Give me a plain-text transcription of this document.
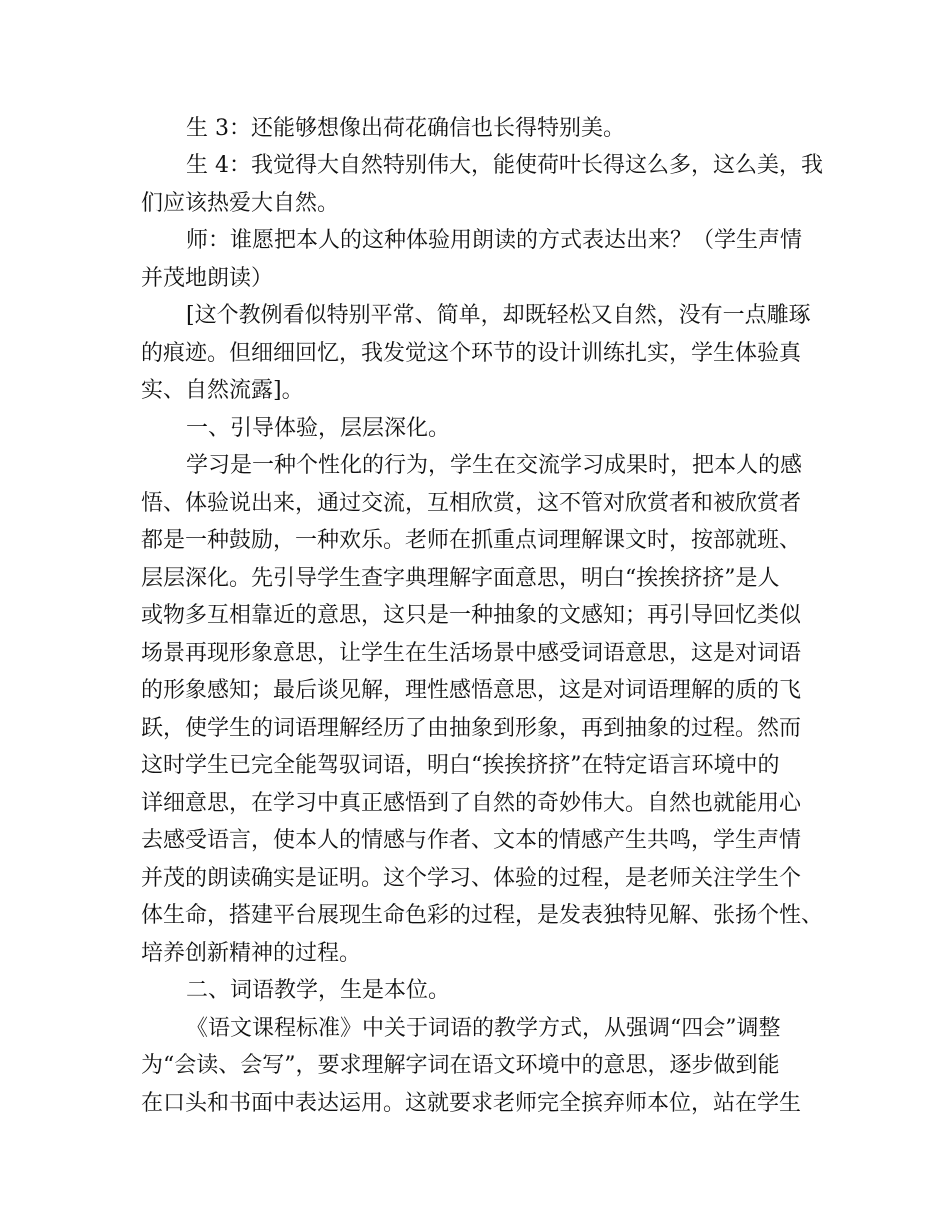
生 3：还能够想像出荷花确信也长得特别美。

生 4：我觉得大自然特别伟大，能使荷叶长得这么多，这么美，我

们应该热爱大自然。

师：谁愿把本人的这种体验用朗读的方式表达出来？（学生声情

并茂地朗读）

[这个教例看似特别平常、简单，却既轻松又自然，没有一点雕琢

的痕迹。但细细回忆，我发觉这个环节的设计训练扎实，学生体验真

实、自然流露]。

一、引导体验，层层深化。

学习是一种个性化的行为，学生在交流学习成果时，把本人的感

悟、体验说出来，通过交流，互相欣赏，这不管对欣赏者和被欣赏者

都是一种鼓励，一种欢乐。老师在抓重点词理解课文时，按部就班、

层层深化。先引导学生查字典理解字面意思，明白“挨挨挤挤”是人

或物多互相靠近的意思，这只是一种抽象的文感知；再引导回忆类似

场景再现形象意思，让学生在生活场景中感受词语意思，这是对词语

的形象感知；最后谈见解，理性感悟意思，这是对词语理解的质的飞

跃，使学生的词语理解经历了由抽象到形象，再到抽象的过程。然而

这时学生已完全能驾驭词语，明白“挨挨挤挤”在特定语言环境中的

详细意思，在学习中真正感悟到了自然的奇妙伟大。自然也就能用心

去感受语言，使本人的情感与作者、文本的情感产生共鸣，学生声情

并茂的朗读确实是证明。这个学习、体验的过程，是老师关注学生个

体生命，搭建平台展现生命色彩的过程，是发表独特见解、张扬个性、

培养创新精神的过程。

二、词语教学，生是本位。

《语文课程标准》中关于词语的教学方式，从强调“四会”调整

为“会读、会写”，要求理解字词在语文环境中的意思，逐步做到能

在口头和书面中表达运用。这就要求老师完全摈弃师本位，站在学生
